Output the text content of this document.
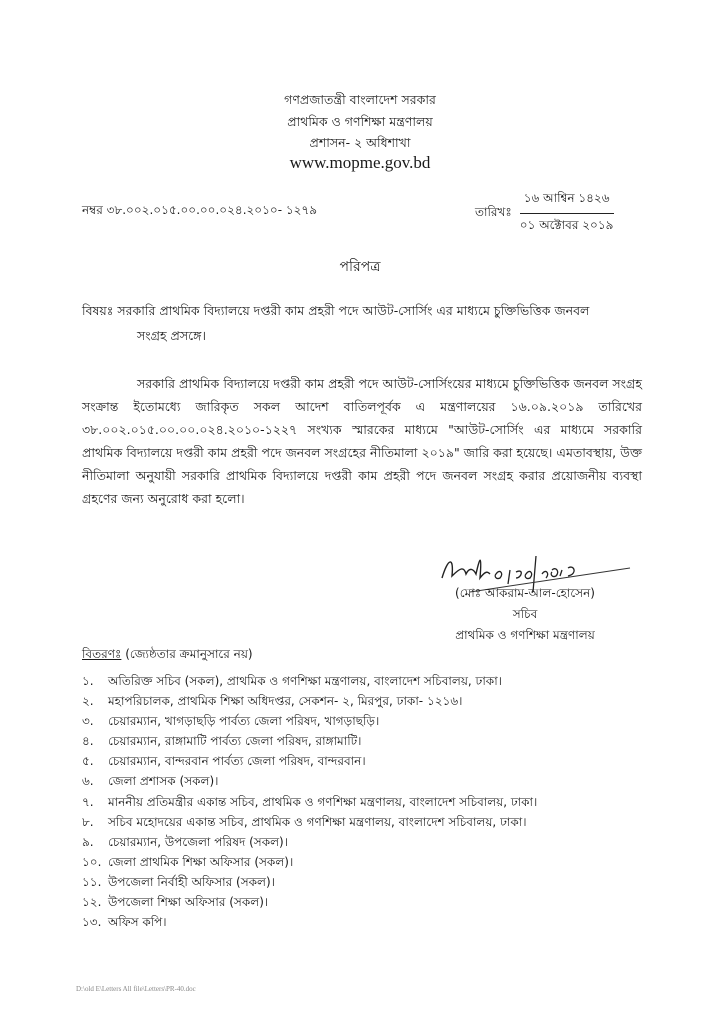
গণপ্রজাতন্ত্রী বাংলাদেশ সরকার
প্রাথমিক ও গণশিক্ষা মন্ত্রণালয়
প্রশাসন- ২ অধিশাখা
www.mopme.gov.bd
নম্বর ৩৮.০০২.০১৫.০০.০০.০২৪.২০১০- ১২৭৯	তারিখঃ $\frac{\text{১৬ আশ্বিন ১৪২৬}}{\text{০১ অক্টোবর ২০১৯}}$
পরিপত্র
বিষয়ঃ সরকারি প্রাথমিক বিদ্যালয়ে দপ্তরী কাম প্রহরী পদে আউট-সোর্সিং এর মাধ্যমে চুক্তিভিত্তিক জনবল
সংগ্রহ প্রসঙ্গে।
সরকারি প্রাথমিক বিদ্যালয়ে দপ্তরী কাম প্রহরী পদে আউট-সোর্সিংয়ের মাধ্যমে চুক্তিভিত্তিক জনবল সংগ্রহ সংক্রান্ত ইতোমধ্যে জারিকৃত সকল আদেশ বাতিলপূর্বক এ মন্ত্রণালয়ের ১৬.০৯.২০১৯ তারিখের ৩৮.০০২.০১৫.০০.০০.০২৪.২০১০-১২২৭ সংখ্যক স্মারকের মাধ্যমে "আউট-সোর্সিং এর মাধ্যমে সরকারি প্রাথমিক বিদ্যালয়ে দপ্তরী কাম প্রহরী পদে জনবল সংগ্রহের নীতিমালা ২০১৯" জারি করা হয়েছে। এমতাবস্থায়, উক্ত নীতিমালা অনুযায়ী সরকারি প্রাথমিক বিদ্যালয়ে দপ্তরী কাম প্রহরী পদে জনবল সংগ্রহ করার প্রয়োজনীয় ব্যবস্থা গ্রহণের জন্য অনুরোধ করা হলো।
(মোঃ আকরাম-আল-হোসেন)
সচিব
প্রাথমিক ও গণশিক্ষা মন্ত্রণালয়
বিতরণঃ (জ্যেষ্ঠতার ক্রমানুসারে নয়)
১.	অতিরিক্ত সচিব (সকল), প্রাথমিক ও গণশিক্ষা মন্ত্রণালয়, বাংলাদেশ সচিবালয়, ঢাকা।
২.	মহাপরিচালক, প্রাথমিক শিক্ষা অধিদপ্তর, সেকশন- ২, মিরপুর, ঢাকা- ১২১৬।
৩.	চেয়ারম্যান, খাগড়াছড়ি পার্বত্য জেলা পরিষদ, খাগড়াছড়ি।
৪.	চেয়ারম্যান, রাঙ্গামাটি পার্বত্য জেলা পরিষদ, রাঙ্গামাটি।
৫.	চেয়ারম্যান, বান্দরবান পার্বত্য জেলা পরিষদ, বান্দরবান।
৬.	জেলা প্রশাসক (সকল)।
৭.	মাননীয় প্রতিমন্ত্রীর একান্ত সচিব, প্রাথমিক ও গণশিক্ষা মন্ত্রণালয়, বাংলাদেশ সচিবালয়, ঢাকা।
৮.	সচিব মহোদয়ের একান্ত সচিব, প্রাথমিক ও গণশিক্ষা মন্ত্রণালয়, বাংলাদেশ সচিবালয়, ঢাকা।
৯.	চেয়ারম্যান, উপজেলা পরিষদ (সকল)।
১০. জেলা প্রাথমিক শিক্ষা অফিসার (সকল)।
১১. উপজেলা নির্বাহী অফিসার (সকল)।
১২. উপজেলা শিক্ষা অফিসার (সকল)।
১৩. অফিস কপি।
D:\old E\Letters All file\Letters\PR-40.doc
